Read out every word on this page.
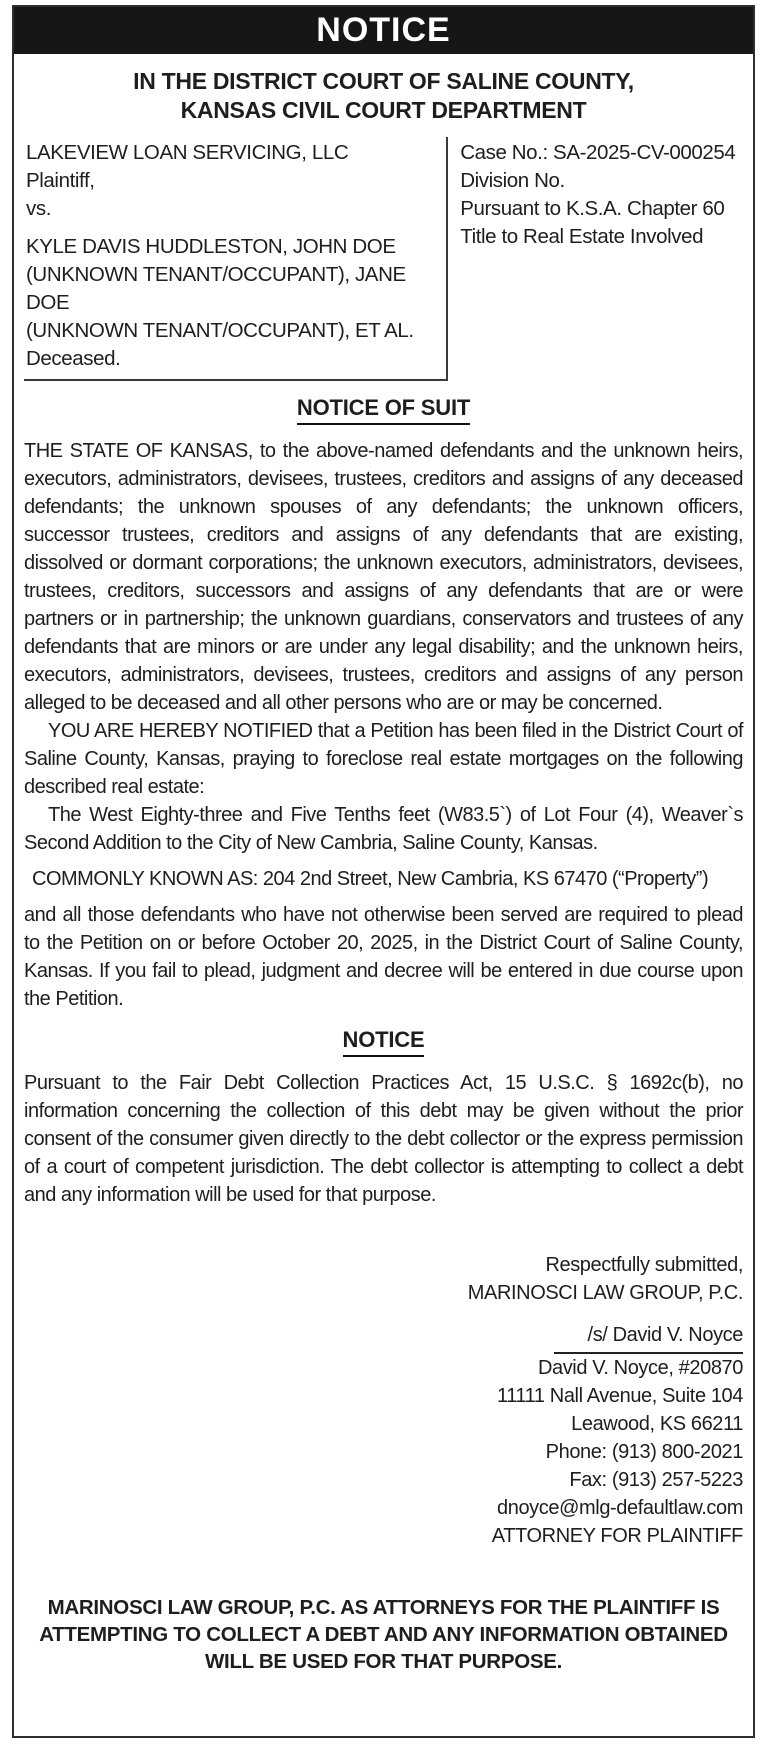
NOTICE
IN THE DISTRICT COURT OF SALINE COUNTY,
KANSAS CIVIL COURT DEPARTMENT

LAKEVIEW LOAN SERVICING, LLC

Plaintiff,

vs.

KYLE DAVIS HUDDLESTON, JOHN DOE

(UNKNOWN TENANT/OCCUPANT), JANE DOE

(UNKNOWN TENANT/OCCUPANT), ET AL.

Deceased.

Case No.: SA-2025-CV-000254

Division No.

Pursuant to K.S.A. Chapter 60

Title to Real Estate Involved

NOTICE OF SUIT

THE STATE OF KANSAS, to the above-named defendants and the unknown heirs, executors, administrators, devisees, trustees, creditors and assigns of any deceased defendants; the unknown spouses of any defendants; the unknown officers, successor trustees, creditors and assigns of any defendants that are existing, dissolved or dormant corporations; the unknown executors, administrators, devisees, trustees, creditors, successors and assigns of any defendants that are or were partners or in partnership; the unknown guardians, conservators and trustees of any defendants that are minors or are under any legal disability; and the unknown heirs, executors, administrators, devisees, trustees, creditors and assigns of any person alleged to be deceased and all other persons who are or may be concerned.

YOU ARE HEREBY NOTIFIED that a Petition has been filed in the District Court of Saline County, Kansas, praying to foreclose real estate mortgages on the following described real estate:

The West Eighty-three and Five Tenths feet (W83.5`) of Lot Four (4), Weaver`s Second Addition to the City of New Cambria, Saline County, Kansas.

COMMONLY KNOWN AS: 204 2nd Street, New Cambria, KS 67470 (“Property”)

and all those defendants who have not otherwise been served are required to plead to the Petition on or before October 20, 2025, in the District Court of Saline County, Kansas. If you fail to plead, judgment and decree will be entered in due course upon the Petition.

NOTICE

Pursuant to the Fair Debt Collection Practices Act, 15 U.S.C. § 1692c(b), no information concerning the collection of this debt may be given without the prior consent of the consumer given directly to the debt collector or the express permission of a court of competent jurisdiction. The debt collector is attempting to collect a debt and any information will be used for that purpose.

Respectfully submitted,
MARINOSCI LAW GROUP, P.C.
/s/ David V. Noyce
David V. Noyce, #20870
11111 Nall Avenue, Suite 104
Leawood, KS 66211
Phone: (913) 800-2021
Fax: (913) 257-5223
dnoyce@mlg-defaultlaw.com
ATTORNEY FOR PLAINTIFF
MARINOSCI LAW GROUP, P.C. AS ATTORNEYS FOR THE PLAINTIFF IS ATTEMPTING TO COLLECT A DEBT AND ANY INFORMATION OBTAINED WILL BE USED FOR THAT PURPOSE.
